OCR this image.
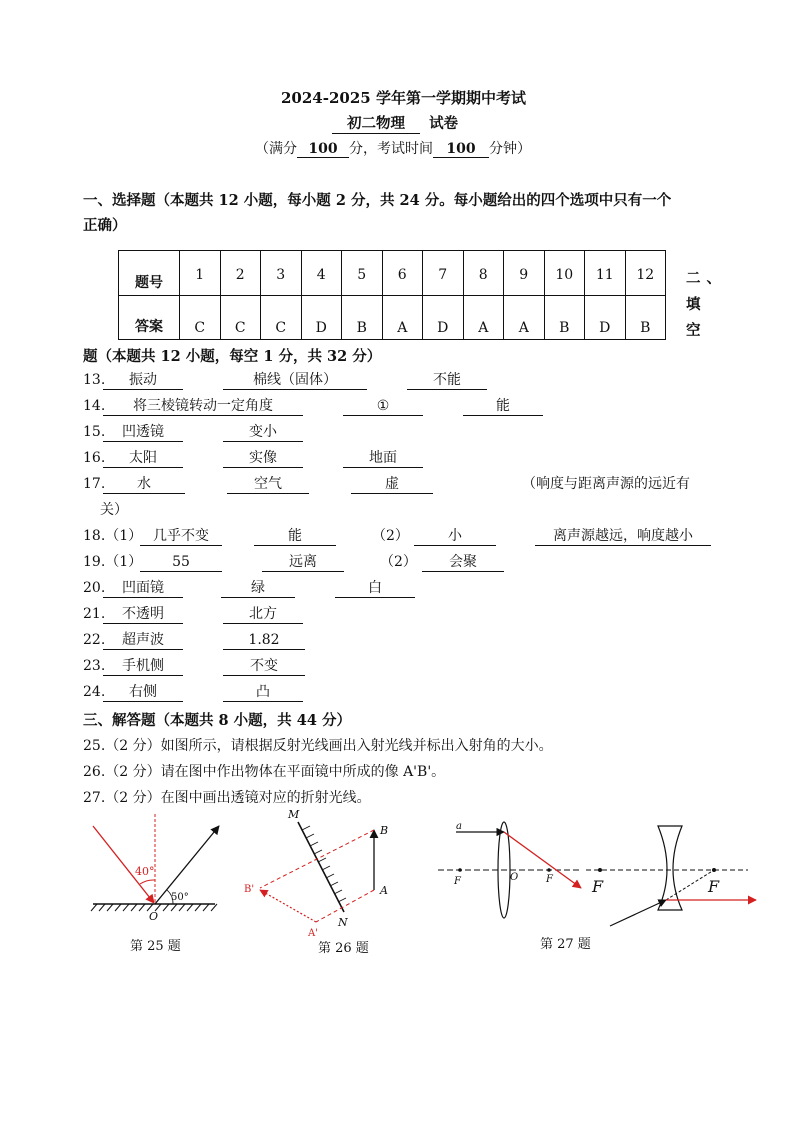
2024-2025 学年第一学期期中考试
初二物理 试卷
（满分 100 分，考试时间 100 分钟）
一、选择题（本题共 12 小题，每小题 2 分，共 24 分。每小题给出的四个选项中只有一个
正确）
题号	1	2	3	4	5	6	7	8	9	10	11	12
答案	C	C	C	D	B	A	D	A	A	B	D	B
二、
填
空
题（本题共 12 小题，每空 1 分，共 32 分）
13.	振动	棉线（固体）	不能
14.	将三棱镜转动一定角度	①	能
15.	凹透镜	变小
16.	太阳	实像	地面
17.	水	空气	虚	（响度与距离声源的远近有
关）
18.（1） 几乎不变	能	（2）	小	离声源越远，响度越小
19.（1）	55	远离	（2）	会聚
20.	凹面镜	绿	白
21.	不透明	北方
22.	超声波	1.82
23.	手机侧	不变
24.	右侧	凸
三、解答题（本题共 8 小题，共 44 分）
25.（2 分）如图所示，请根据反射光线画出入射光线并标出入射角的大小。
26.（2 分）请在图中作出物体在平面镜中所成的像 A'B'。
27.（2 分）在图中画出透镜对应的折射光线。
40°
50°
O
第 25 题
M
N
B
A
B'
A'
第 26 题
a
F	O	F F	F
第 27 题
